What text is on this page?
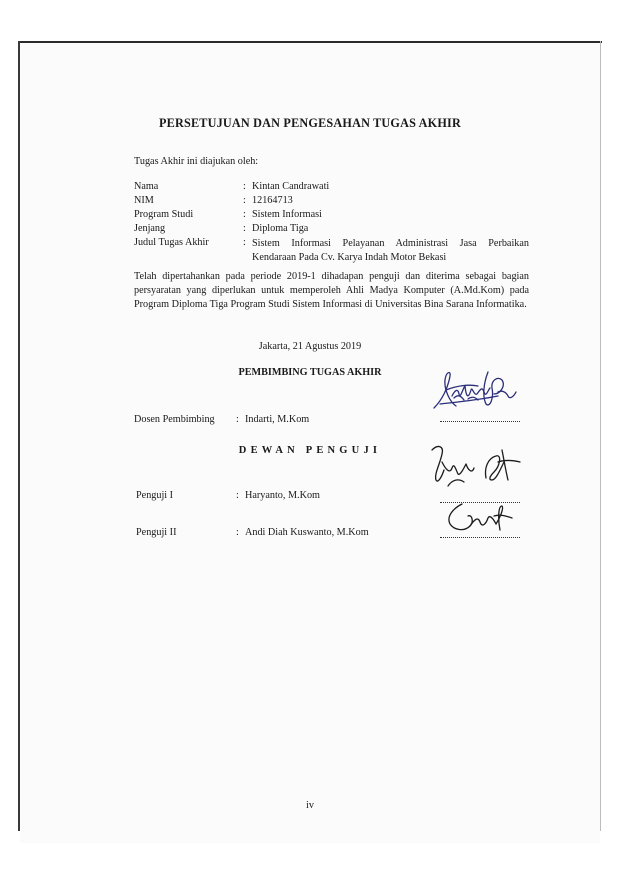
PERSETUJUAN DAN PENGESAHAN TUGAS AKHIR
Tugas Akhir ini diajukan oleh:
Nama	: Kintan Candrawati
NIM	: 12164713
Program Studi	: Sistem Informasi
Jenjang	: Diploma Tiga
Judul Tugas Akhir	: Sistem Informasi Pelayanan Administrasi Jasa Perbaikan Kendaraan Pada Cv. Karya Indah Motor Bekasi
Telah dipertahankan pada periode 2019-1 dihadapan penguji dan diterima sebagai bagian persyaratan yang diperlukan untuk memperoleh Ahli Madya Komputer (A.Md.Kom) pada Program Diploma Tiga Program Studi Sistem Informasi di Universitas Bina Sarana Informatika.
Jakarta, 21 Agustus 2019
PEMBIMBING TUGAS AKHIR
Dosen Pembimbing : Indarti, M.Kom
DEWAN PENGUJI
Penguji I	: Haryanto, M.Kom
Penguji II	: Andi Diah Kuswanto, M.Kom
iv
